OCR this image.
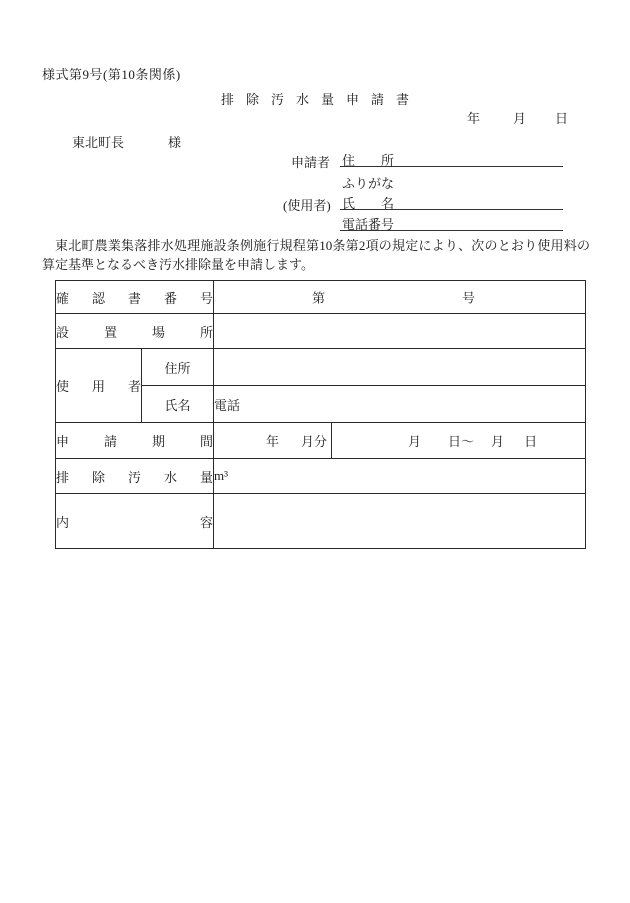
様式第9号(第10条関係)
排除汚水量申請書
年	月 日
東北町長	様
申請者 住 所
ふりがな
(使用者) 氏 名
電話番号
東北町農業集落排水処理施設条例施行規程第10条第2項の規定により、次のとおり使用料の算定基準となるべき汚水排除量を申請します。
確 認 書 番 号		第 号	

設 置 場 所			

使 用 者	住所		
	氏名	電話	

申 請 期 間		年 月分	月 日～ 月 日

排 除 汚 水 量		m³	

内 容			
